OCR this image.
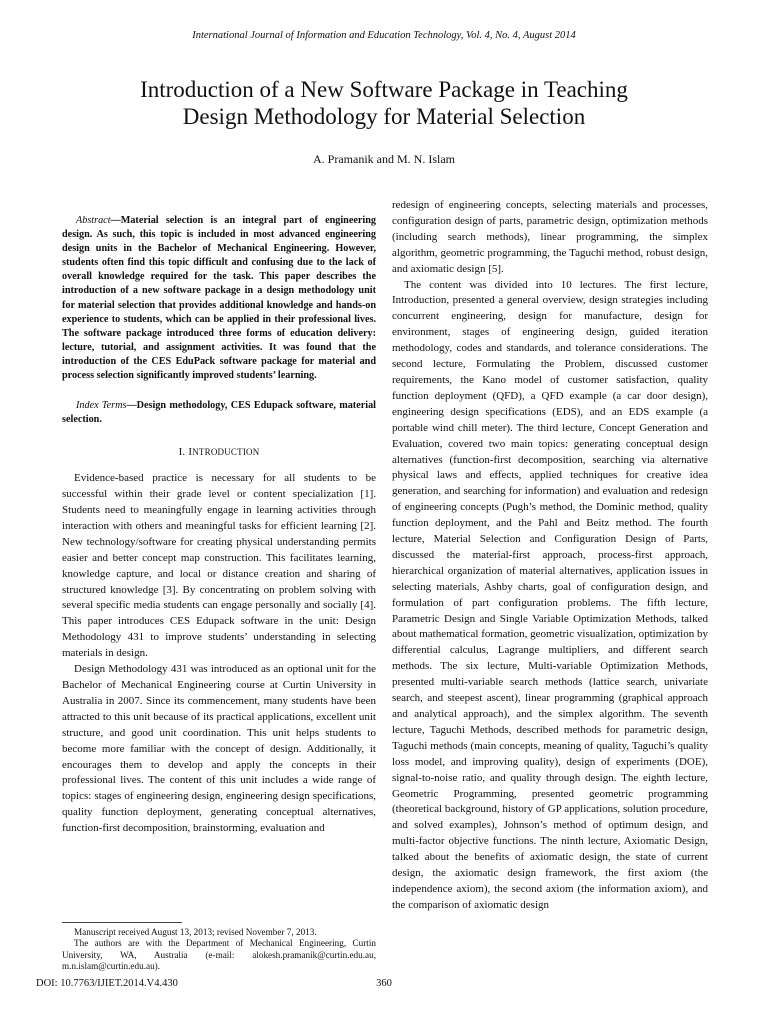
International Journal of Information and Education Technology, Vol. 4, No. 4, August 2014
Introduction of a New Software Package in Teaching
Design Methodology for Material Selection
A. Pramanik and M. N. Islam

Abstract—Material selection is an integral part of engineering design. As such, this topic is included in most advanced engineering design units in the Bachelor of Mechanical Engineering. However, students often find this topic difficult and confusing due to the lack of overall knowledge required for the task. This paper describes the introduction of a new software package in a design methodology unit for material selection that provides additional knowledge and hands-on experience to students, which can be applied in their professional lives. The software package introduced three forms of education delivery: lecture, tutorial, and assignment activities. It was found that the introduction of the CES EduPack software package for material and process selection significantly improved students’ learning.

Index Terms—Design methodology, CES Edupack software, material selection.

I. INTRODUCTION

Evidence-based practice is necessary for all students to be successful within their grade level or content specialization [1]. Students need to meaningfully engage in learning activities through interaction with others and meaningful tasks for efficient learning [2]. New technology/software for creating physical understanding permits easier and better concept map construction. This facilitates learning, knowledge capture, and local or distance creation and sharing of structured knowledge [3]. By concentrating on problem solving with several specific media students can engage personally and socially [4]. This paper introduces CES Edupack software in the unit: Design Methodology 431 to improve students’ understanding in selecting materials in design.

Design Methodology 431 was introduced as an optional unit for the Bachelor of Mechanical Engineering course at Curtin University in Australia in 2007. Since its commencement, many students have been attracted to this unit because of its practical applications, excellent unit structure, and good unit coordination. This unit helps students to become more familiar with the concept of design. Additionally, it encourages them to develop and apply the concepts in their professional lives. The content of this unit includes a wide range of topics: stages of engineering design, engineering design specifications, quality function deployment, generating conceptual alternatives, function-first decomposition, brainstorming, evaluation and

redesign of engineering concepts, selecting materials and processes, configuration design of parts, parametric design, optimization methods (including search methods), linear programming, the simplex algorithm, geometric programming, the Taguchi method, robust design, and axiomatic design [5].

The content was divided into 10 lectures. The first lecture, Introduction, presented a general overview, design strategies including concurrent engineering, design for manufacture, design for environment, stages of engineering design, guided iteration methodology, codes and standards, and tolerance considerations. The second lecture, Formulating the Problem, discussed customer requirements, the Kano model of customer satisfaction, quality function deployment (QFD), a QFD example (a car door design), engineering design specifications (EDS), and an EDS example (a portable wind chill meter). The third lecture, Concept Generation and Evaluation, covered two main topics: generating conceptual design alternatives (function-first decomposition, searching via alternative physical laws and effects, applied techniques for creative idea generation, and searching for information) and evaluation and redesign of engineering concepts (Pugh’s method, the Dominic method, quality function deployment, and the Pahl and Beitz method. The fourth lecture, Material Selection and Configuration Design of Parts, discussed the material-first approach, process-first approach, hierarchical organization of material alternatives, application issues in selecting materials, Ashby charts, goal of configuration design, and formulation of part configuration problems. The fifth lecture, Parametric Design and Single Variable Optimization Methods, talked about mathematical formation, geometric visualization, optimization by differential calculus, Lagrange multipliers, and different search methods. The six lecture, Multi-variable Optimization Methods, presented multi-variable search methods (lattice search, univariate search, and steepest ascent), linear programming (graphical approach and analytical approach), and the simplex algorithm. The seventh lecture, Taguchi Methods, described methods for parametric design, Taguchi methods (main concepts, meaning of quality, Taguchi’s quality loss model, and improving quality), design of experiments (DOE), signal-to-noise ratio, and quality through design. The eighth lecture, Geometric Programming, presented geometric programming (theoretical background, history of GP applications, solution procedure, and solved examples), Johnson’s method of optimum design, and multi-factor objective functions. The ninth lecture, Axiomatic Design, talked about the benefits of axiomatic design, the state of current design, the axiomatic design framework, the first axiom (the independence axiom), the second axiom (the information axiom), and the comparison of axiomatic design

Manuscript received August 13, 2013; revised November 7, 2013.

The authors are with the Department of Mechanical Engineering, Curtin University, WA, Australia (e-mail: alokesh.pramanik@curtin.edu.au, m.n.islam@curtin.edu.au).

DOI: 10.7763/IJIET.2014.V4.430	360
